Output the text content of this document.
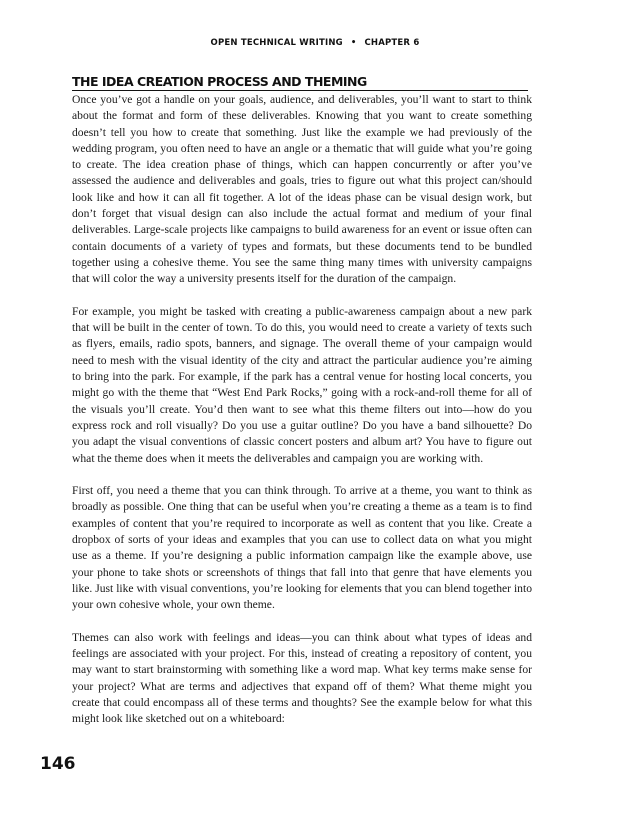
OPEN TECHNICAL WRITING • CHAPTER 6
THE IDEA CREATION PROCESS AND THEMING

Once you’ve got a handle on your goals, audience, and deliverables, you’ll want to start to think about the format and form of these deliverables. Knowing that you want to create something doesn’t tell you how to create that something. Just like the example we had previously of the wedding program, you often need to have an angle or a thematic that will guide what you’re going to create. The idea creation phase of things, which can happen concurrently or after you’ve assessed the audience and deliverables and goals, tries to figure out what this project can/should look like and how it can all fit together. A lot of the ideas phase can be visual design work, but don’t forget that visual design can also include the actual format and medium of your final deliverables. Large-scale projects like campaigns to build awareness for an event or issue often can contain documents of a variety of types and formats, but these documents tend to be bundled together using a cohesive theme. You see the same thing many times with university campaigns that will color the way a university presents itself for the duration of the campaign.

For example, you might be tasked with creating a public-awareness campaign about a new park that will be built in the center of town. To do this, you would need to create a variety of texts such as flyers, emails, radio spots, banners, and signage. The overall theme of your campaign would need to mesh with the visual identity of the city and attract the particular audience you’re aiming to bring into the park. For example, if the park has a central venue for hosting local concerts, you might go with the theme that “West End Park Rocks,” going with a rock-and-roll theme for all of the visuals you’ll create. You’d then want to see what this theme filters out into—how do you express rock and roll visually? Do you use a guitar outline? Do you have a band silhouette? Do you adapt the visual conventions of classic concert posters and album art? You have to figure out what the theme does when it meets the deliverables and campaign you are working with.

First off, you need a theme that you can think through. To arrive at a theme, you want to think as broadly as possible. One thing that can be useful when you’re creating a theme as a team is to find examples of content that you’re required to incorporate as well as content that you like. Create a dropbox of sorts of your ideas and examples that you can use to collect data on what you might use as a theme. If you’re designing a public information campaign like the example above, use your phone to take shots or screenshots of things that fall into that genre that have elements you like. Just like with visual conventions, you’re looking for elements that you can blend together into your own cohesive whole, your own theme.

Themes can also work with feelings and ideas—you can think about what types of ideas and feelings are associated with your project. For this, instead of creating a repository of content, you may want to start brainstorming with something like a word map. What key terms make sense for your project? What are terms and adjectives that expand off of them? What theme might you create that could encompass all of these terms and thoughts? See the example below for what this might look like sketched out on a whiteboard:

146
